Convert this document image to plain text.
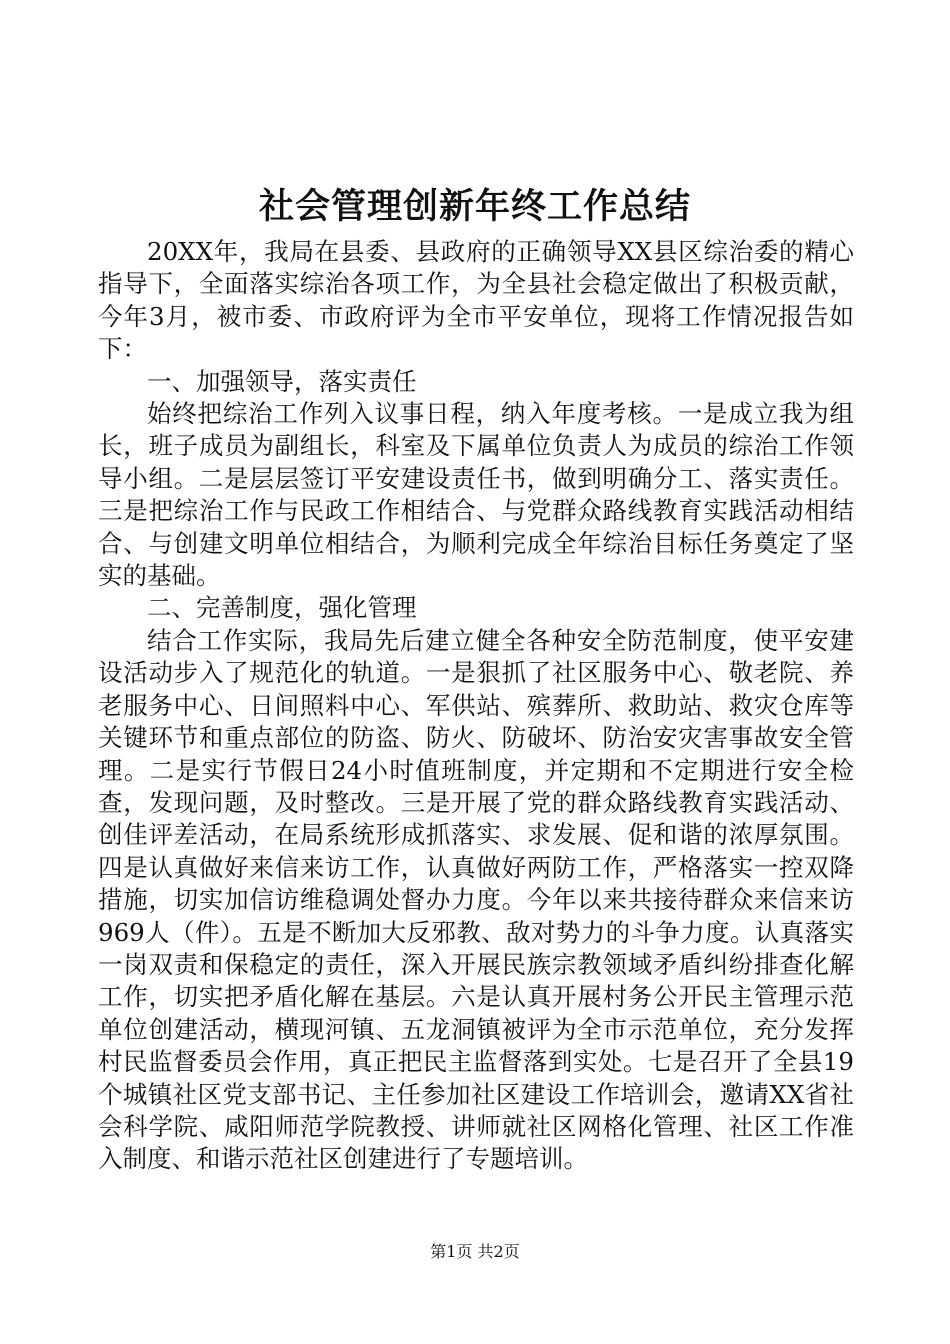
社会管理创新年终工作总结

20XX年，我局在县委、县政府的正确领导XX县区综治委的精心指导下，全面落实综治各项工作，为全县社会稳定做出了积极贡献，今年3月，被市委、市政府评为全市平安单位，现将工作情况报告如下：

一、加强领导，落实责任

始终把综治工作列入议事日程，纳入年度考核。一是成立我为组长，班子成员为副组长，科室及下属单位负责人为成员的综治工作领导小组。二是层层签订平安建设责任书，做到明确分工、落实责任。三是把综治工作与民政工作相结合、与党群众路线教育实践活动相结合、与创建文明单位相结合，为顺利完成全年综治目标任务奠定了坚实的基础。

二、完善制度，强化管理

结合工作实际，我局先后建立健全各种安全防范制度，使平安建设活动步入了规范化的轨道。一是狠抓了社区服务中心、敬老院、养老服务中心、日间照料中心、军供站、殡葬所、救助站、救灾仓库等关键环节和重点部位的防盗、防火、防破坏、防治安灾害事故安全管理。二是实行节假日24小时值班制度，并定期和不定期进行安全检查，发现问题，及时整改。三是开展了党的群众路线教育实践活动、创佳评差活动，在局系统形成抓落实、求发展、促和谐的浓厚氛围。四是认真做好来信来访工作，认真做好两防工作，严格落实一控双降措施，切实加信访维稳调处督办力度。今年以来共接待群众来信来访969人（件）。五是不断加大反邪教、敌对势力的斗争力度。认真落实一岗双责和保稳定的责任，深入开展民族宗教领域矛盾纠纷排查化解工作，切实把矛盾化解在基层。六是认真开展村务公开民主管理示范单位创建活动，横现河镇、五龙洞镇被评为全市示范单位，充分发挥村民监督委员会作用，真正把民主监督落到实处。七是召开了全县19个城镇社区党支部书记、主任参加社区建设工作培训会，邀请XX省社会科学院、咸阳师范学院教授、讲师就社区网格化管理、社区工作准入制度、和谐示范社区创建进行了专题培训。

第1页 共2页
